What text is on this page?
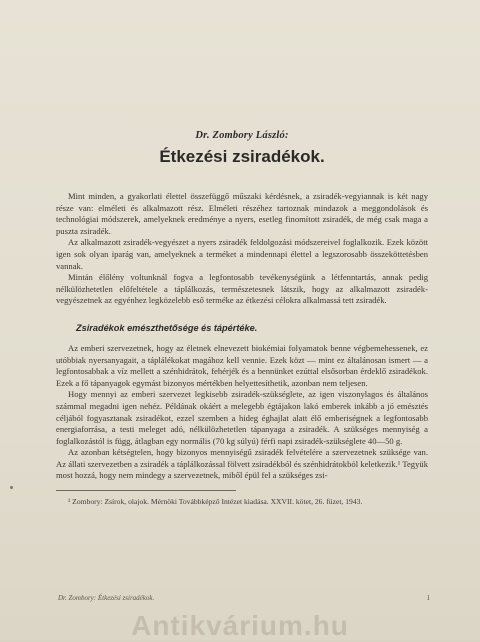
Dr. Zombory László:
Étkezési zsiradékok.

Mint minden, a gyakorlati élettel összefüggő műszaki kérdésnek, a zsiradék-vegyiannak is két nagy része van: elméleti és alkalmazott rész. Elméleti részéhez tartoznak mindazok a meggondolások és technológiai módszerek, amelyeknek eredménye a nyers, esetleg finomított zsiradék, de még csak maga a puszta zsiradék.

Az alkalmazott zsiradék-vegyészet a nyers zsiradék feldolgozási módszereivel foglalkozik. Ezek között igen sok olyan iparág van, amelyeknek a terméket a mindennapi élettel a legszorosabb összeköttetésben vannak.

Mintán élőlény voltunknál fogva a legfontosabb tevékenységünk a létfenntartás, annak pedig nélkülözhetetlen előfeltétele a táplálkozás, természetesnek látszik, hogy az alkalmazott zsiradék-vegyészetnek az egyénhez legközelebb eső terméke az étkezési célokra alkalmassá tett zsiradék.

Zsiradékok emészthetősége és tápértéke.

Az emberi szervezetnek, hogy az életnek elnevezett biokémiai folyamatok benne végbemehessenek, ez utóbbiak nyersanyagait, a táplálékokat magához kell vennie. Ezek közt — mint ez általánosan ismert — a legfontosabbak a víz mellett a szénhidrátok, fehérjék és a bennünket ezúttal elsősorban érdeklő zsiradékok. Ezek a fő tápanyagok egymást bizonyos mértékben helyettesíthetik, azonban nem teljesen.

Hogy mennyi az emberi szervezet legkisebb zsiradék-szükséglete, az igen viszonylagos és általános számmal megadni igen nehéz. Példának okáért a melegebb égtájakon lakó emberek inkább a jó emésztés céljából fogyasztanak zsiradékot, ezzel szemben a hideg éghajlat alatt élő emberiségnek a legfontosabb energiaforrása, a testi meleget adó, nélkülözhetetlen tápanyaga a zsiradék. A szükséges mennyiség a foglalkozástól is függ, átlagban egy normális (70 kg súlyú) férfi napi zsiradék-szükséglete 40—50 g.

Az azonban kétségtelen, hogy bizonyos mennyiségű zsiradék felvételére a szervezetnek szüksége van. Az állati szervezetben a zsiradék a táplálkozással fölvett zsiradékból és szénhidrátokból keletkezik.¹ Tegyük most hozzá, hogy nem mindegy a szervezetnek, miből épül fel a szükséges zsi-

¹ Zombory: Zsírok, olajok. Mérnöki Továbbképző Intézet kiadása. XXVII. kötet, 26. füzet, 1943.
Dr. Zombory: Étkezési zsiradékok.	1
Antikvárium.hu
